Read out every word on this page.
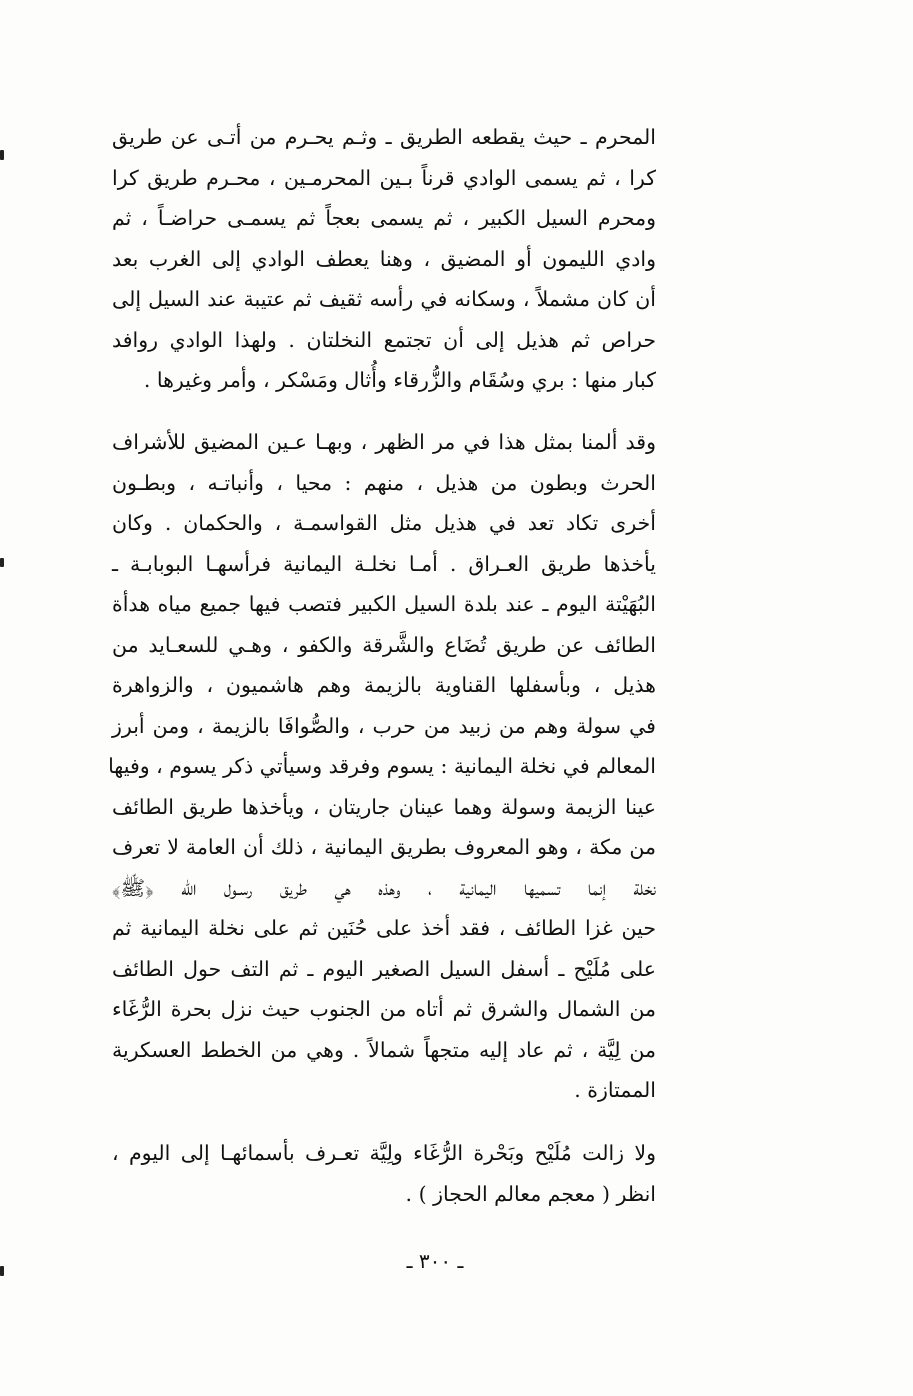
المحرم ـ حيث يقطعه الطريق ـ وثـم يحـرم من أتـى عن طريق
كرا ، ثم يسمى الوادي قرناً بـين المحرمـين ، محـرم طريق كرا
ومحرم السيل الكبير ، ثم يسمى بعجاً ثم يسمـى حراضـاً ، ثم
وادي الليمون أو المضيق ، وهنا يعطف الوادي إلى الغرب بعد
أن كان مشملاً ، وسكانه في رأسه ثقيف ثم عتيبة عند السيل إلى
حراص ثم هذيل إلى أن تجتمع النخلتان . ولهذا الوادي روافد
كبار منها : بري وسُقَام والزُّرقاء وأُثال ومَسْكر ، وأمر وغيرها .
وقد ألمنا بمثل هذا في مر الظهر ، وبهـا عـين المضيق للأشراف
الحرث وبطون من هذيل ، منهم : محيا ، وأنباتـه ، وبطـون
أخرى تكاد تعد في هذيل مثل القواسمـة ، والحكمان . وكان
يأخذها طريق العـراق . أمـا نخلـة اليمانية فرأسهـا البوبابـة ـ
البُهَيْتة اليوم ـ عند بلدة السيل الكبير فتصب فيها جميع مياه هدأة
الطائف عن طريق تُضَاع والشَّرقة والكفو ، وهـي للسعـايد من
هذيل ، وبأسفلها القناوية بالزيمة وهم هاشميون ، والزواهرة
في سولة وهم من زبيد من حرب ، والصُّوافَا بالزيمة ، ومن أبرز
المعالم في نخلة اليمانية : يسوم وفرقد وسيأتي ذكر يسوم ، وفيها
عينا الزيمة وسولة وهما عينان جاريتان ، ويأخذها طريق الطائف
من مكة ، وهو المعروف بطريق اليمانية ، ذلك أن العامة لا تعرف
نخلة إنما تسميها اليمانية ، وهذه هي طريق رسـول الله ﴿ﷺ﴾
حين غزا الطائف ، فقد أخذ على حُنَين ثم على نخلة اليمانية ثم
على مُلَيْح ـ أسفل السيل الصغير اليوم ـ ثم التف حول الطائف
من الشمال والشرق ثم أتاه من الجنوب حيث نزل بحرة الرُّغَاء
من لِيَّة ، ثم عاد إليه متجهاً شمالاً . وهي من الخطط العسكرية
الممتازة .
ولا زالت مُلَيْح وبَحْرة الرُّغَاء ولِيَّة تعـرف بأسمائهـا إلى اليوم ،
انظر ( معجم معالم الحجاز ) .
ـ ٣٠٠ ـ
